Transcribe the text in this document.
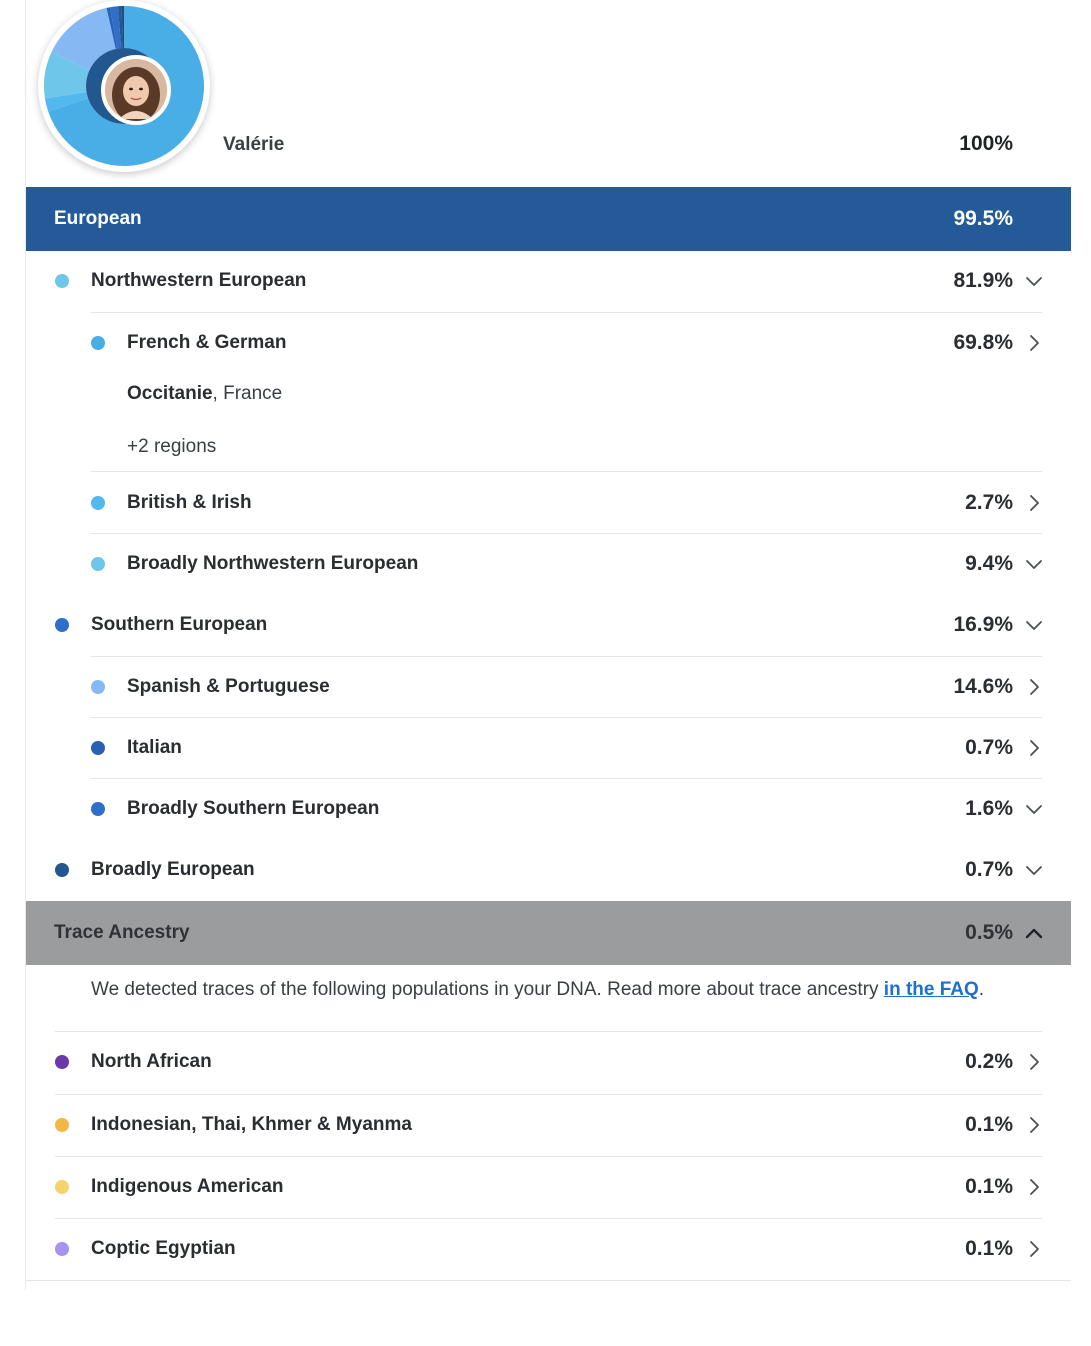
Valérie	100%
European	99.5%
Northwestern European	81.9%
French & German	69.8%
Occitanie, France
+2 regions
British & Irish	2.7%
Broadly Northwestern European	9.4%
Southern European	16.9%
Spanish & Portuguese	14.6%
Italian	0.7%
Broadly Southern European	1.6%
Broadly European	0.7%
Trace Ancestry	0.5%
We detected traces of the following populations in your DNA. Read more about trace ancestry in the FAQ.
North African	0.2%
Indonesian, Thai, Khmer & Myanma	0.1%
Indigenous American	0.1%
Coptic Egyptian	0.1%
